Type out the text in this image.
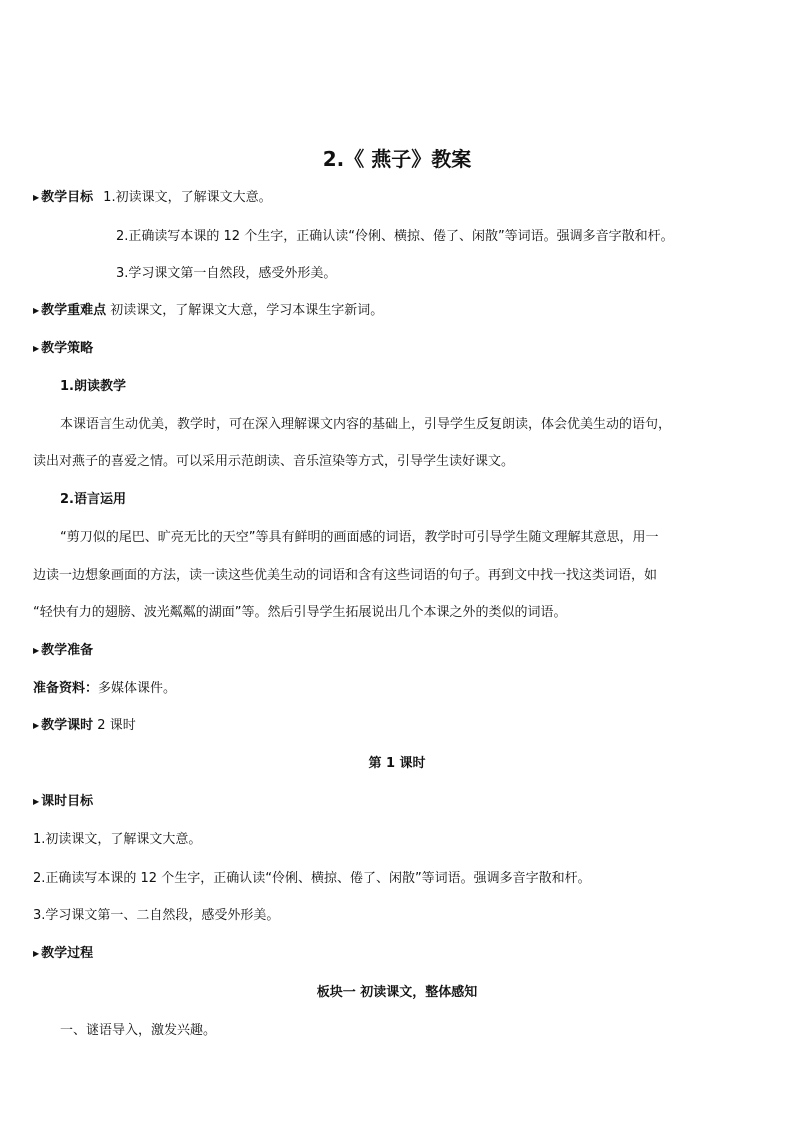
2.《 燕子》教案
▶ 教学目标 1.初读课文，了解课文大意。
2.正确读写本课的 12 个生字，正确认读“伶俐、横掠、倦了、闲散”等词语。强调多音字散和杆。
3.学习课文第一自然段，感受外形美。
▶ 教学重难点 初读课文，了解课文大意，学习本课生字新词。
▶ 教学策略
1.朗读教学
本课语言生动优美，教学时，可在深入理解课文内容的基础上，引导学生反复朗读，体会优美生动的语句，
读出对燕子的喜爱之情。可以采用示范朗读、音乐渲染等方式，引导学生读好课文。
2.语言运用
“剪刀似的尾巴、旷亮无比的天空”等具有鲜明的画面感的词语，教学时可引导学生随文理解其意思，用一
边读一边想象画面的方法，读一读这些优美生动的词语和含有这些词语的句子。再到文中找一找这类词语，如
“轻快有力的翅膀、波光粼粼的湖面”等。然后引导学生拓展说出几个本课之外的类似的词语。
▶ 教学准备
准备资料：多媒体课件。
▶ 教学课时 2 课时
第 1 课时
▶ 课时目标
1.初读课文，了解课文大意。
2.正确读写本课的 12 个生字，正确认读“伶俐、横掠、倦了、闲散”等词语。强调多音字散和杆。
3.学习课文第一、二自然段，感受外形美。
▶ 教学过程
板块一 初读课文，整体感知
一、谜语导入，激发兴趣。
